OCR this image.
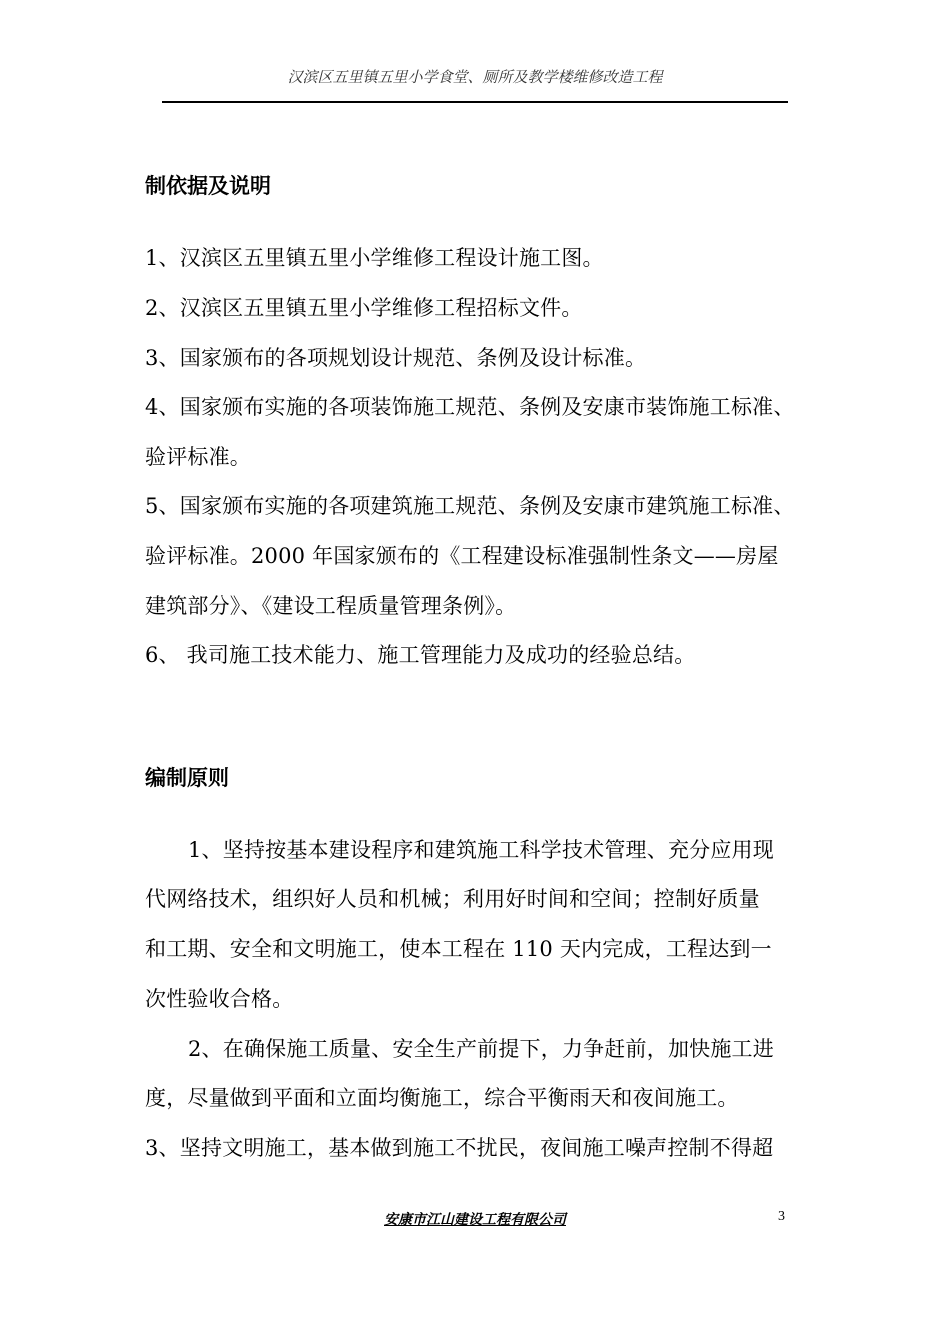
汉滨区五里镇五里小学食堂、厕所及教学楼维修改造工程
制依据及说明
1、汉滨区五里镇五里小学维修工程设计施工图。
2、汉滨区五里镇五里小学维修工程招标文件。
3、国家颁布的各项规划设计规范、条例及设计标准。
4、国家颁布实施的各项装饰施工规范、条例及安康市装饰施工标准、
验评标准。
5、国家颁布实施的各项建筑施工规范、条例及安康市建筑施工标准、
验评标准。2000 年国家颁布的《工程建设标准强制性条文——房屋
建筑部分》、《建设工程质量管理条例》。
6、 我司施工技术能力、施工管理能力及成功的经验总结。
编制原则
1、坚持按基本建设程序和建筑施工科学技术管理、充分应用现
代网络技术，组织好人员和机械；利用好时间和空间；控制好质量
和工期、安全和文明施工，使本工程在 110 天内完成，工程达到一
次性验收合格。
2、在确保施工质量、安全生产前提下，力争赶前，加快施工进
度，尽量做到平面和立面均衡施工，综合平衡雨天和夜间施工。
3、坚持文明施工，基本做到施工不扰民，夜间施工噪声控制不得超
安康市江山建设工程有限公司	3
